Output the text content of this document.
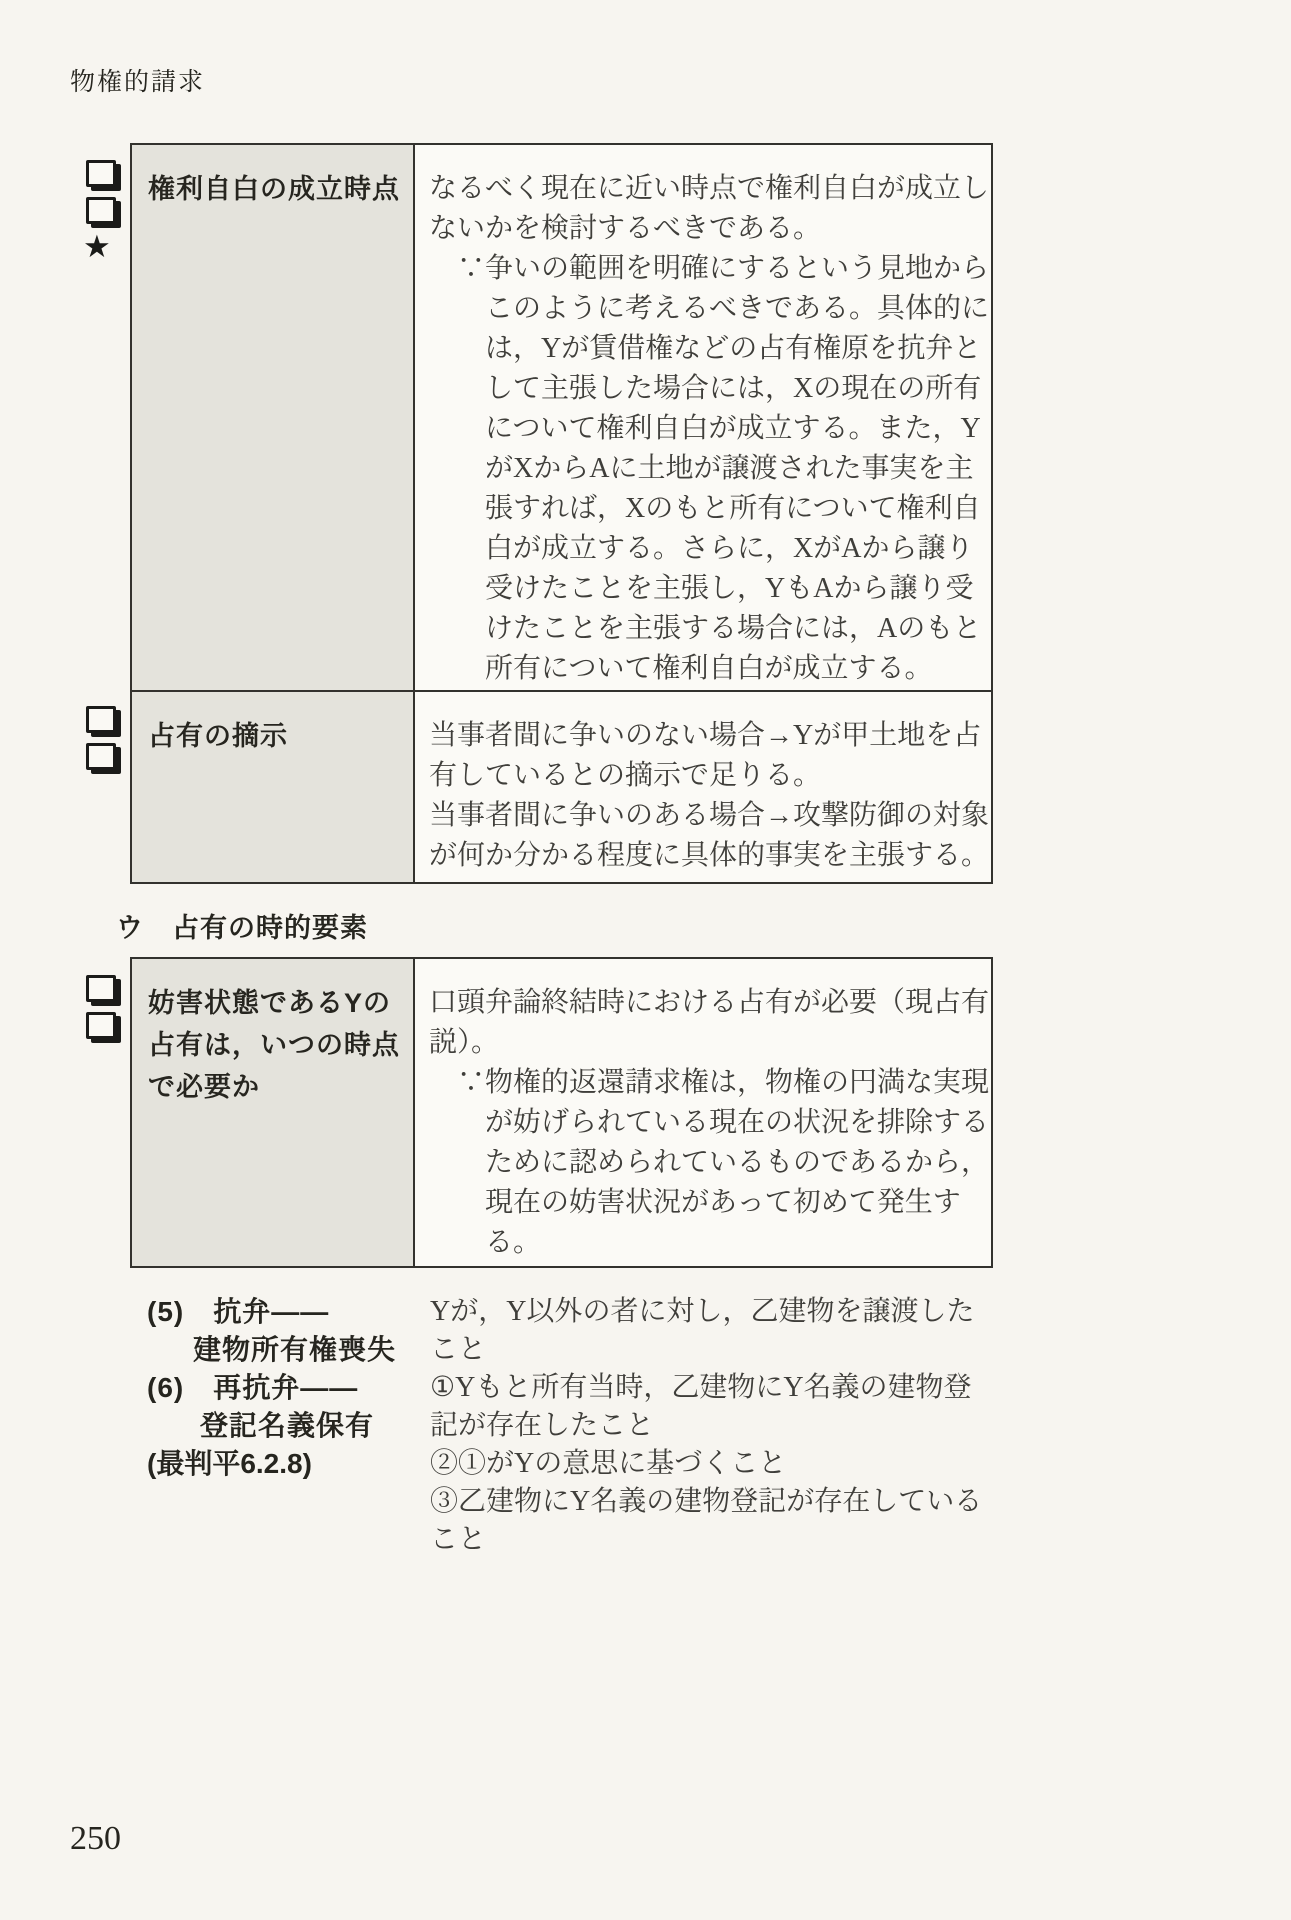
物権的請求
★
権利自白の成立時点 なるべく現在に近い時点で権利自白が成立し
ないかを検討するべきである。
　∵争いの範囲を明確にするという見地から
　　このように考えるべきである。具体的に
　　は，Yが賃借権などの占有権原を抗弁と
　　して主張した場合には，Xの現在の所有
　　について権利自白が成立する。また，Y
　　がXからAに土地が譲渡された事実を主
　　張すれば，Xのもと所有について権利自
　　白が成立する。さらに，XがAから譲り
　　受けたことを主張し，YもAから譲り受
　　けたことを主張する場合には，Aのもと
　　所有について権利自白が成立する。
占有の摘示	当事者間に争いのない場合→Yが甲土地を占
有しているとの摘示で足りる。
当事者間に争いのある場合→攻撃防御の対象
が何か分かる程度に具体的事実を主張する。
ウ　占有の時的要素
妨害状態であるYの
占有は，いつの時点
で必要か
口頭弁論終結時における占有が必要（現占有
説）。
　∵物権的返還請求権は，物権の円満な実現
　　が妨げられている現在の状況を排除する
　　ために認められているものであるから，
　　現在の妨害状況があって初めて発生す
　　る。
(5)　抗弁——
建物所有権喪失
Yが，Y以外の者に対し，乙建物を譲渡した
こと
(6)　再抗弁——
登記名義保有
(最判平6.2.8)
①Yもと所有当時，乙建物にY名義の建物登
記が存在したこと
②①がYの意思に基づくこと
③乙建物にY名義の建物登記が存在している
こと
250
